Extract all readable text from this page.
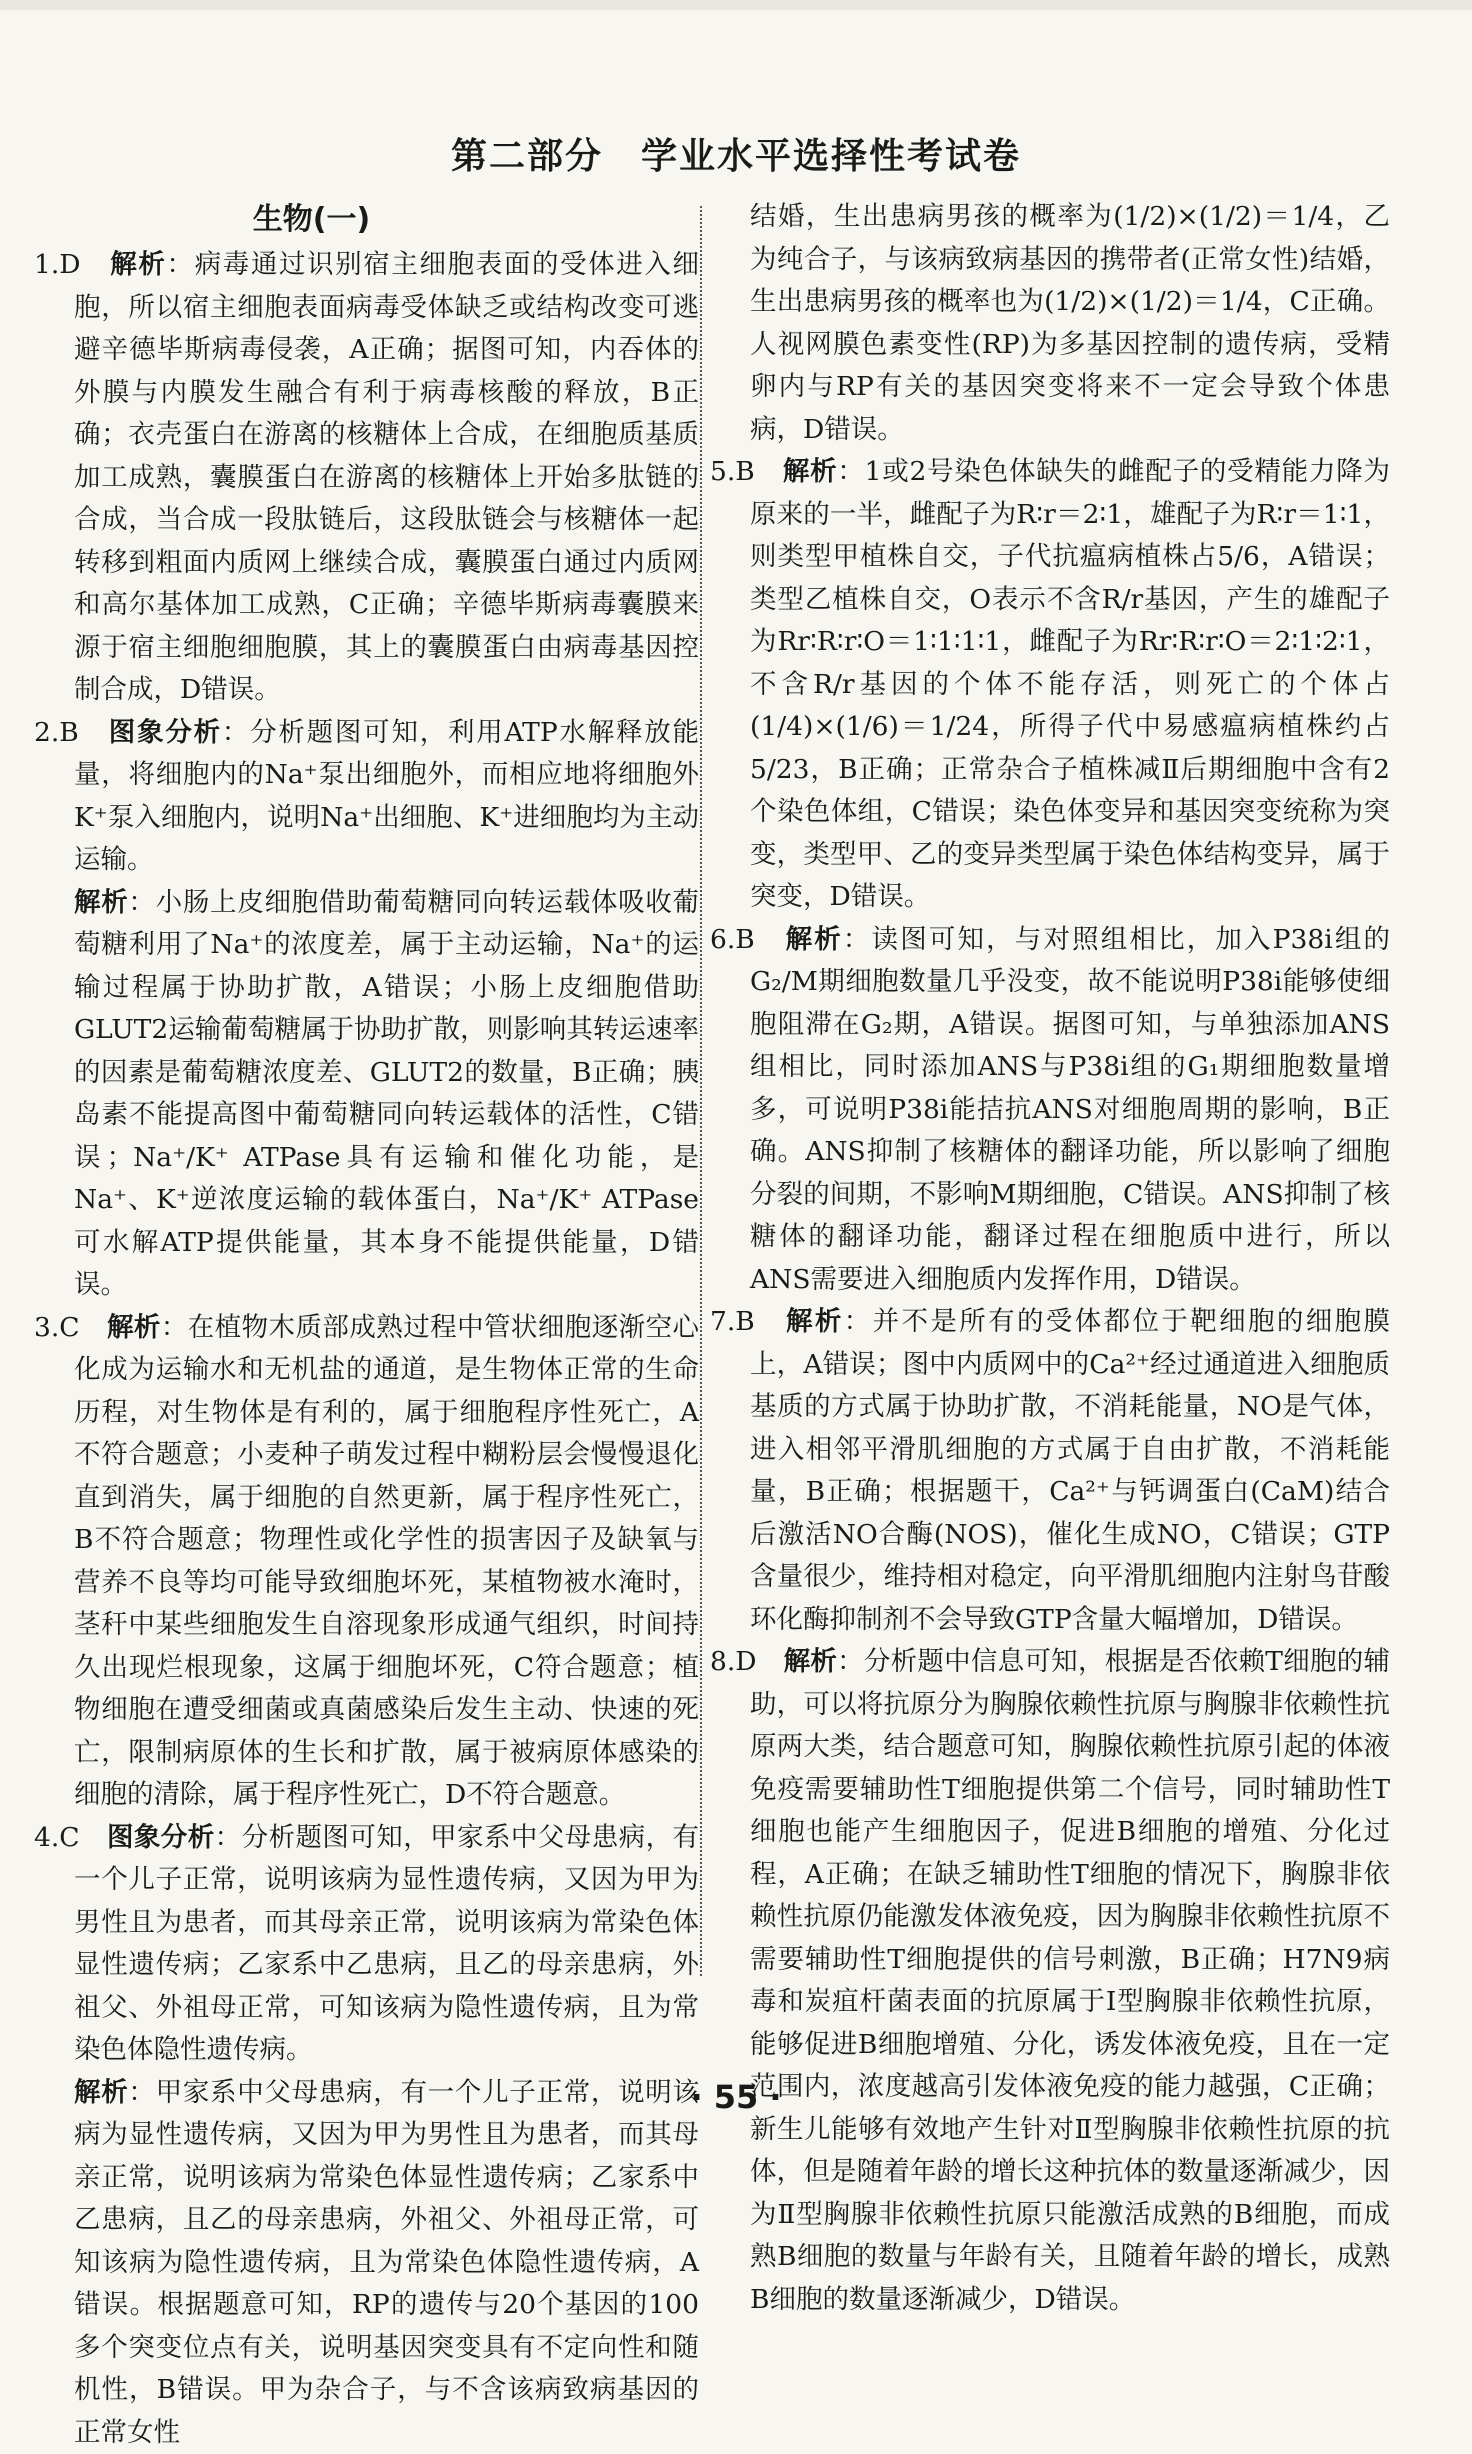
第二部分　学业水平选择性考试卷
生物(一)

1.D　 解析：病毒通过识别宿主细胞表面的受体进入细胞，所以宿主细胞表面病毒受体缺乏或结构改变可逃避辛德毕斯病毒侵袭，A正确；据图可知，内吞体的外膜与内膜发生融合有利于病毒核酸的释放，B正确；衣壳蛋白在游离的核糖体上合成，在细胞质基质加工成熟，囊膜蛋白在游离的核糖体上开始多肽链的合成，当合成一段肽链后，这段肽链会与核糖体一起转移到粗面内质网上继续合成，囊膜蛋白通过内质网和高尔基体加工成熟，C正确；辛德毕斯病毒囊膜来源于宿主细胞细胞膜，其上的囊膜蛋白由病毒基因控制合成，D错误。

2.B　 图象分析：分析题图可知，利用ATP水解释放能量，将细胞内的Na⁺泵出细胞外，而相应地将细胞外K⁺泵入细胞内，说明Na⁺出细胞、K⁺进细胞均为主动运输。

解析：小肠上皮细胞借助葡萄糖同向转运载体吸收葡萄糖利用了Na⁺的浓度差，属于主动运输，Na⁺的运输过程属于协助扩散，A错误；小肠上皮细胞借助GLUT2运输葡萄糖属于协助扩散，则影响其转运速率的因素是葡萄糖浓度差、GLUT2的数量，B正确；胰岛素不能提高图中葡萄糖同向转运载体的活性，C错误；Na⁺/K⁺ ATPase具有运输和催化功能，是Na⁺、K⁺逆浓度运输的载体蛋白，Na⁺/K⁺ ATPase可水解ATP提供能量，其本身不能提供能量，D错误。

3.C　 解析：在植物木质部成熟过程中管状细胞逐渐空心化成为运输水和无机盐的通道，是生物体正常的生命历程，对生物体是有利的，属于细胞程序性死亡，A不符合题意；小麦种子萌发过程中糊粉层会慢慢退化直到消失，属于细胞的自然更新，属于程序性死亡，B不符合题意；物理性或化学性的损害因子及缺氧与营养不良等均可能导致细胞坏死，某植物被水淹时，茎秆中某些细胞发生自溶现象形成通气组织，时间持久出现烂根现象，这属于细胞坏死，C符合题意；植物细胞在遭受细菌或真菌感染后发生主动、快速的死亡，限制病原体的生长和扩散，属于被病原体感染的细胞的清除，属于程序性死亡，D不符合题意。

4.C　 图象分析：分析题图可知，甲家系中父母患病，有一个儿子正常，说明该病为显性遗传病，又因为甲为男性且为患者，而其母亲正常，说明该病为常染色体显性遗传病；乙家系中乙患病，且乙的母亲患病，外祖父、外祖母正常，可知该病为隐性遗传病，且为常染色体隐性遗传病。

解析：甲家系中父母患病，有一个儿子正常，说明该病为显性遗传病，又因为甲为男性且为患者，而其母亲正常，说明该病为常染色体显性遗传病；乙家系中乙患病，且乙的母亲患病，外祖父、外祖母正常，可知该病为隐性遗传病，且为常染色体隐性遗传病，A错误。根据题意可知，RP的遗传与20个基因的100多个突变位点有关，说明基因突变具有不定向性和随机性，B错误。甲为杂合子，与不含该病致病基因的正常女性

结婚，生出患病男孩的概率为(1/2)×(1/2)＝1/4，乙为纯合子，与该病致病基因的携带者(正常女性)结婚，生出患病男孩的概率也为(1/2)×(1/2)＝1/4，C正确。人视网膜色素变性(RP)为多基因控制的遗传病，受精卵内与RP有关的基因突变将来不一定会导致个体患病，D错误。

5.B　 解析：1或2号染色体缺失的雌配子的受精能力降为原来的一半，雌配子为R∶r＝2∶1，雄配子为R∶r＝1∶1，则类型甲植株自交，子代抗瘟病植株占5/6，A错误；类型乙植株自交，O表示不含R/r基因，产生的雄配子为Rr∶R∶r∶O＝1∶1∶1∶1，雌配子为Rr∶R∶r∶O＝2∶1∶2∶1，不含R/r基因的个体不能存活，则死亡的个体占(1/4)×(1/6)＝1/24，所得子代中易感瘟病植株约占5/23，B正确；正常杂合子植株减Ⅱ后期细胞中含有2个染色体组，C错误；染色体变异和基因突变统称为突变，类型甲、乙的变异类型属于染色体结构变异，属于突变，D错误。

6.B　 解析：读图可知，与对照组相比，加入P38i组的G₂/M期细胞数量几乎没变，故不能说明P38i能够使细胞阻滞在G₂期，A错误。据图可知，与单独添加ANS组相比，同时添加ANS与P38i组的G₁期细胞数量增多，可说明P38i能拮抗ANS对细胞周期的影响，B正确。ANS抑制了核糖体的翻译功能，所以影响了细胞分裂的间期，不影响M期细胞，C错误。ANS抑制了核糖体的翻译功能，翻译过程在细胞质中进行，所以ANS需要进入细胞质内发挥作用，D错误。

7.B　 解析：并不是所有的受体都位于靶细胞的细胞膜上，A错误；图中内质网中的Ca²⁺经过通道进入细胞质基质的方式属于协助扩散，不消耗能量，NO是气体，进入相邻平滑肌细胞的方式属于自由扩散，不消耗能量，B正确；根据题干，Ca²⁺与钙调蛋白(CaM)结合后激活NO合酶(NOS)，催化生成NO，C错误；GTP含量很少，维持相对稳定，向平滑肌细胞内注射鸟苷酸环化酶抑制剂不会导致GTP含量大幅增加，D错误。

8.D　 解析：分析题中信息可知，根据是否依赖T细胞的辅助，可以将抗原分为胸腺依赖性抗原与胸腺非依赖性抗原两大类，结合题意可知，胸腺依赖性抗原引起的体液免疫需要辅助性T细胞提供第二个信号，同时辅助性T细胞也能产生细胞因子，促进B细胞的增殖、分化过程，A正确；在缺乏辅助性T细胞的情况下，胸腺非依赖性抗原仍能激发体液免疫，因为胸腺非依赖性抗原不需要辅助性T细胞提供的信号刺激，B正确；H7N9病毒和炭疽杆菌表面的抗原属于Ⅰ型胸腺非依赖性抗原，能够促进B细胞增殖、分化，诱发体液免疫，且在一定范围内，浓度越高引发体液免疫的能力越强，C正确；新生儿能够有效地产生针对Ⅱ型胸腺非依赖性抗原的抗体，但是随着年龄的增长这种抗体的数量逐渐减少，因为Ⅱ型胸腺非依赖性抗原只能激活成熟的B细胞，而成熟B细胞的数量与年龄有关，且随着年龄的增长，成熟B细胞的数量逐渐减少，D错误。

· 55 ·
